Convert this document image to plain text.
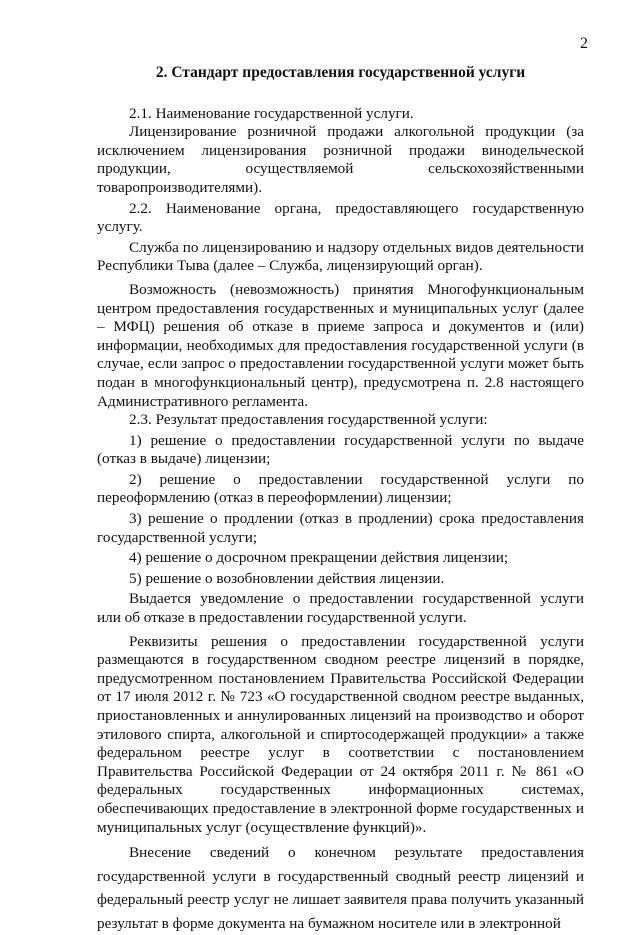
2
2. Стандарт предоставления государственной услуги

2.1. Наименование государственной услуги.

Лицензирование розничной продажи алкогольной продукции (за исключением лицензирования розничной продажи винодельческой продукции, осуществляемой сельскохозяйственными товаропроизводителями).

2.2. Наименование органа, предоставляющего государственную услугу.

Служба по лицензированию и надзору отдельных видов деятельности Республики Тыва (далее – Служба, лицензирующий орган).

Возможность (невозможность) принятия Многофункциональным центром предоставления государственных и муниципальных услуг (далее – МФЦ) решения об отказе в приеме запроса и документов и (или) информации, необходимых для предоставления государственной услуги (в случае, если запрос о предоставлении государственной услуги может быть подан в многофункциональный центр), предусмотрена п. 2.8 настоящего Административного регламента.

2.3. Результат предоставления государственной услуги:

1) решение о предоставлении государственной услуги по выдаче (отказ в выдаче) лицензии;

2) решение о предоставлении государственной услуги по переоформлению (отказ в переоформлении) лицензии;

3) решение о продлении (отказ в продлении) срока предоставления государственной услуги;

4) решение о досрочном прекращении действия лицензии;

5) решение о возобновлении действия лицензии.

Выдается уведомление о предоставлении государственной услуги или об отказе в предоставлении государственной услуги.

Реквизиты решения о предоставлении государственной услуги размещаются в государственном сводном реестре лицензий в порядке, предусмотренном постановлением Правительства Российской Федерации от 17 июля 2012 г. № 723 «О государственной сводном реестре выданных, приостановленных и аннулированных лицензий на производство и оборот этилового спирта, алкогольной и спиртосодержащей продукции» а также федеральном реестре услуг в соответствии с постановлением Правительства Российской Федерации от 24 октября 2011 г. № 861 «О федеральных государственных информационных системах, обеспечивающих предоставление в электронной форме государственных и муниципальных услуг (осуществление функций)».

Внесение сведений о конечном результате предоставления государственной услуги в государственный сводный реестр лицензий и федеральный реестр услуг не лишает заявителя права получить указанный результат в форме документа на бумажном носителе или в электронной
